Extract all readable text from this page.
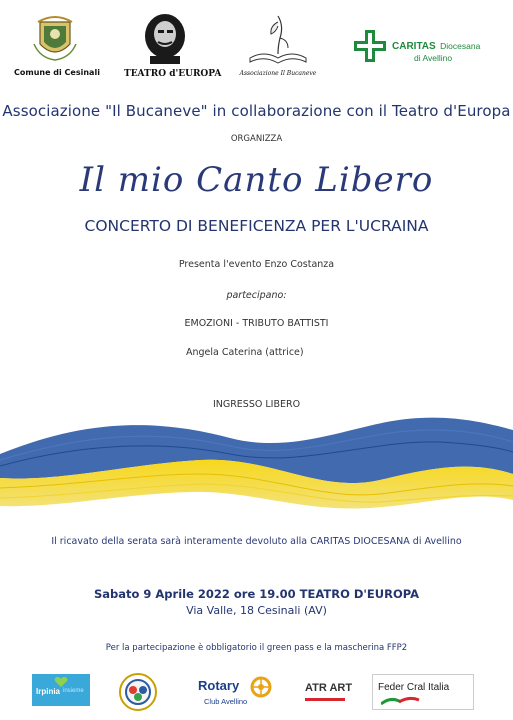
Comune di Cesinali	TEATRO d'EUROPA	Associazione Il Bucaneve
CARITAS Diocesana
di Avellino
Associazione "Il Bucaneve" in collaborazione con il Teatro d'Europa
ORGANIZZA
Il mio Canto Libero
CONCERTO DI BENEFICENZA PER L'UCRAINA
Presenta l'evento Enzo Costanza
partecipano:
EMOZIONI - TRIBUTO BATTISTI
Angela Caterina (attrice)
INGRESSO LIBERO
Il ricavato della serata sarà interamente devoluto alla CARITAS DIOCESANA di Avellino
Sabato 9 Aprile 2022 ore 19.00 TEATRO D'EUROPA
Via Valle, 18 Cesinali (AV)
Per la partecipazione è obbligatorio il green pass e la mascherina FFP2
Irpinia insieme	Rotary
Club Avellino
ATR ART	Feder Cral Italia
